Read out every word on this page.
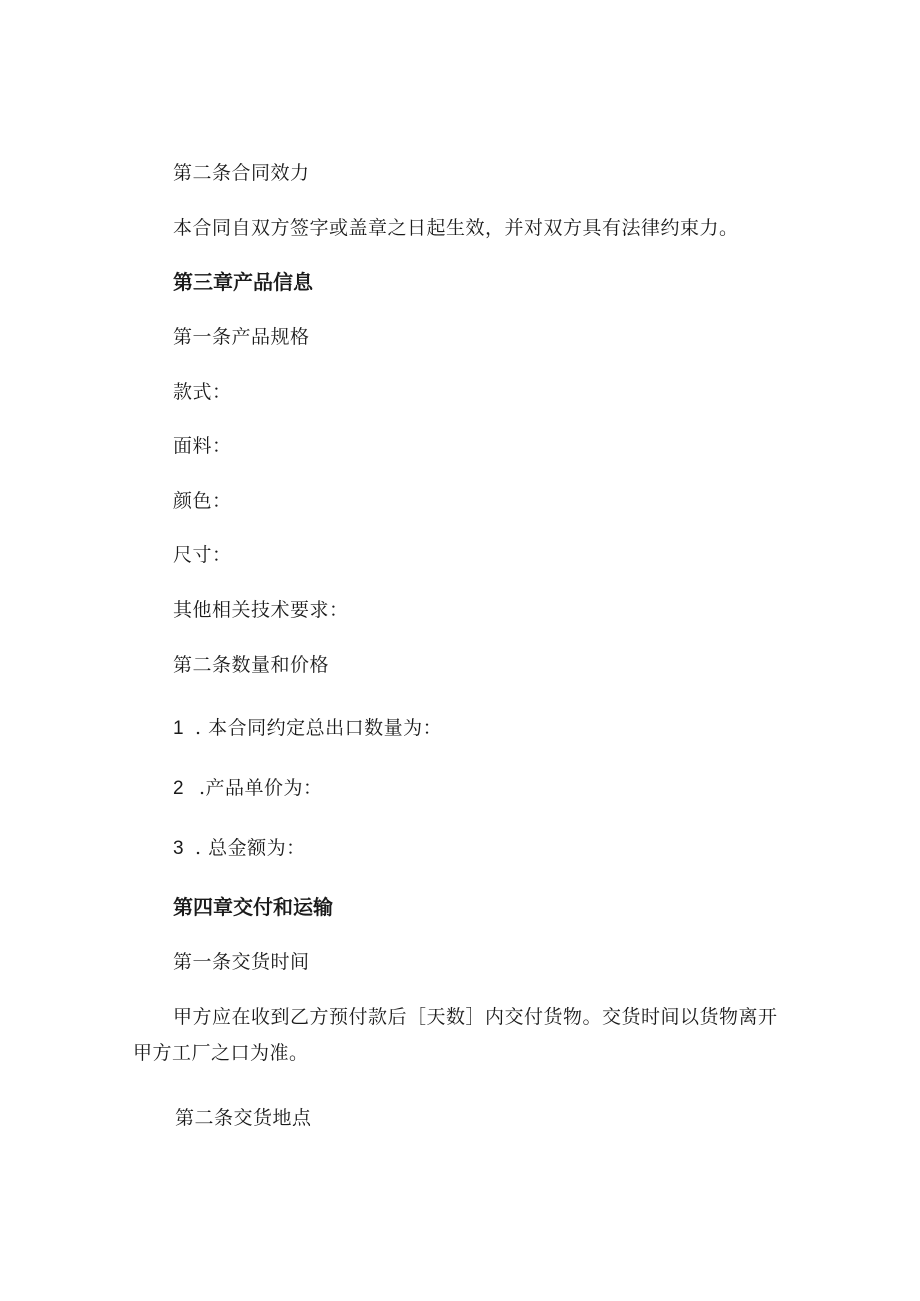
第二条合同效力
本合同自双方签字或盖章之日起生效，并对双方具有法律约束力。
第三章产品信息
第一条产品规格
款式：
面料：
颜色：
尺寸：
其他相关技术要求：
第二条数量和价格
1 . 本合同约定总出口数量为：
2 .产品单价为：
3 . 总金额为：
第四章交付和运输
第一条交货时间
甲方应在收到乙方预付款后［天数］内交付货物。交货时间以货物离开甲方工厂之口为准。
第二条交货地点
